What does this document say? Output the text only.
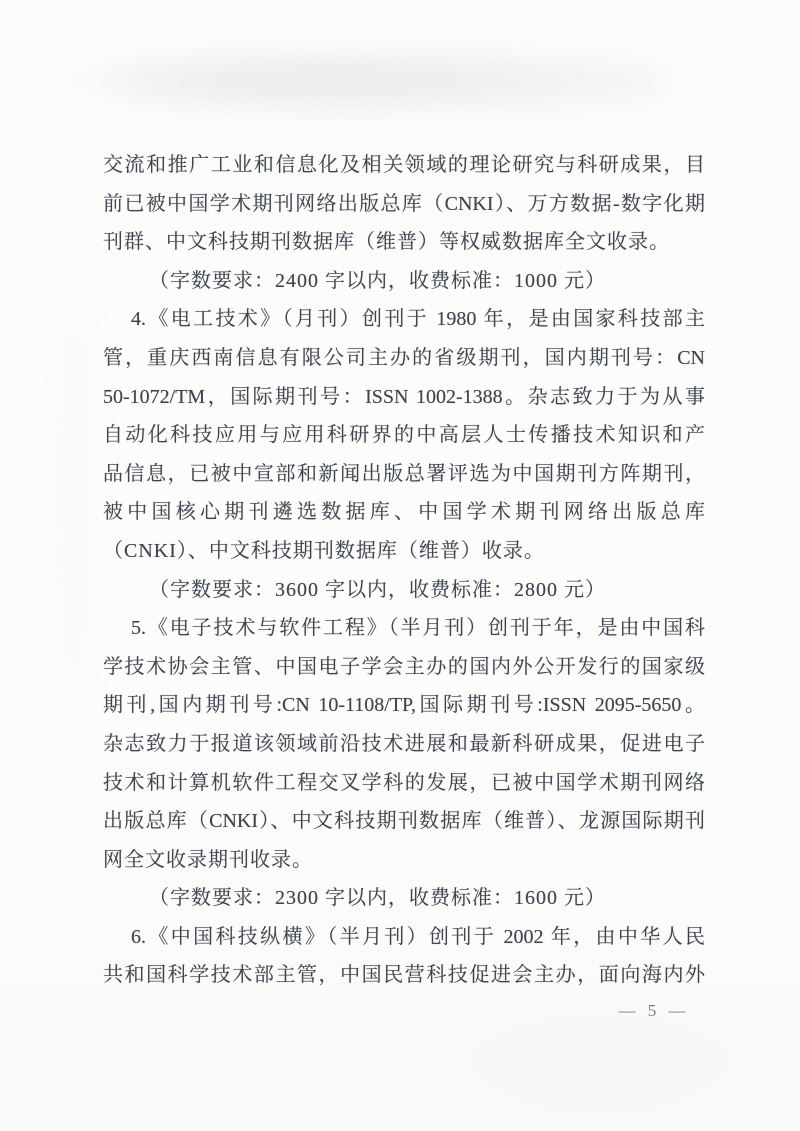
交流和推广工业和信息化及相关领域的理论研究与科研成果，目
前已被中国学术期刊网络出版总库（CNKI）、万方数据-数字化期
刊群、中文科技期刊数据库（维普）等权威数据库全文收录。
（字数要求：2400 字以内，收费标准：1000 元）
4.《电工技术》（月刊）创刊于 1980 年，是由国家科技部主
管，重庆西南信息有限公司主办的省级期刊，国内期刊号：CN
50-1072/TM，国际期刊号：ISSN 1002-1388。杂志致力于为从事
自动化科技应用与应用科研界的中高层人士传播技术知识和产
品信息，已被中宣部和新闻出版总署评选为中国期刊方阵期刊，
被中国核心期刊遴选数据库、中国学术期刊网络出版总库
（CNKI）、中文科技期刊数据库（维普）收录。
（字数要求：3600 字以内，收费标准：2800 元）
5.《电子技术与软件工程》（半月刊）创刊于年，是由中国科
学技术协会主管、中国电子学会主办的国内外公开发行的国家级
期刊,国内期刊号:CN 10-1108/TP,国际期刊号:ISSN 2095-5650。
杂志致力于报道该领域前沿技术进展和最新科研成果，促进电子
技术和计算机软件工程交叉学科的发展，已被中国学术期刊网络
出版总库（CNKI）、中文科技期刊数据库（维普）、龙源国际期刊
网全文收录期刊收录。
（字数要求：2300 字以内，收费标准：1600 元）
6.《中国科技纵横》（半月刊）创刊于 2002 年，由中华人民
共和国科学技术部主管，中国民营科技促进会主办，面向海内外
— 5 —
